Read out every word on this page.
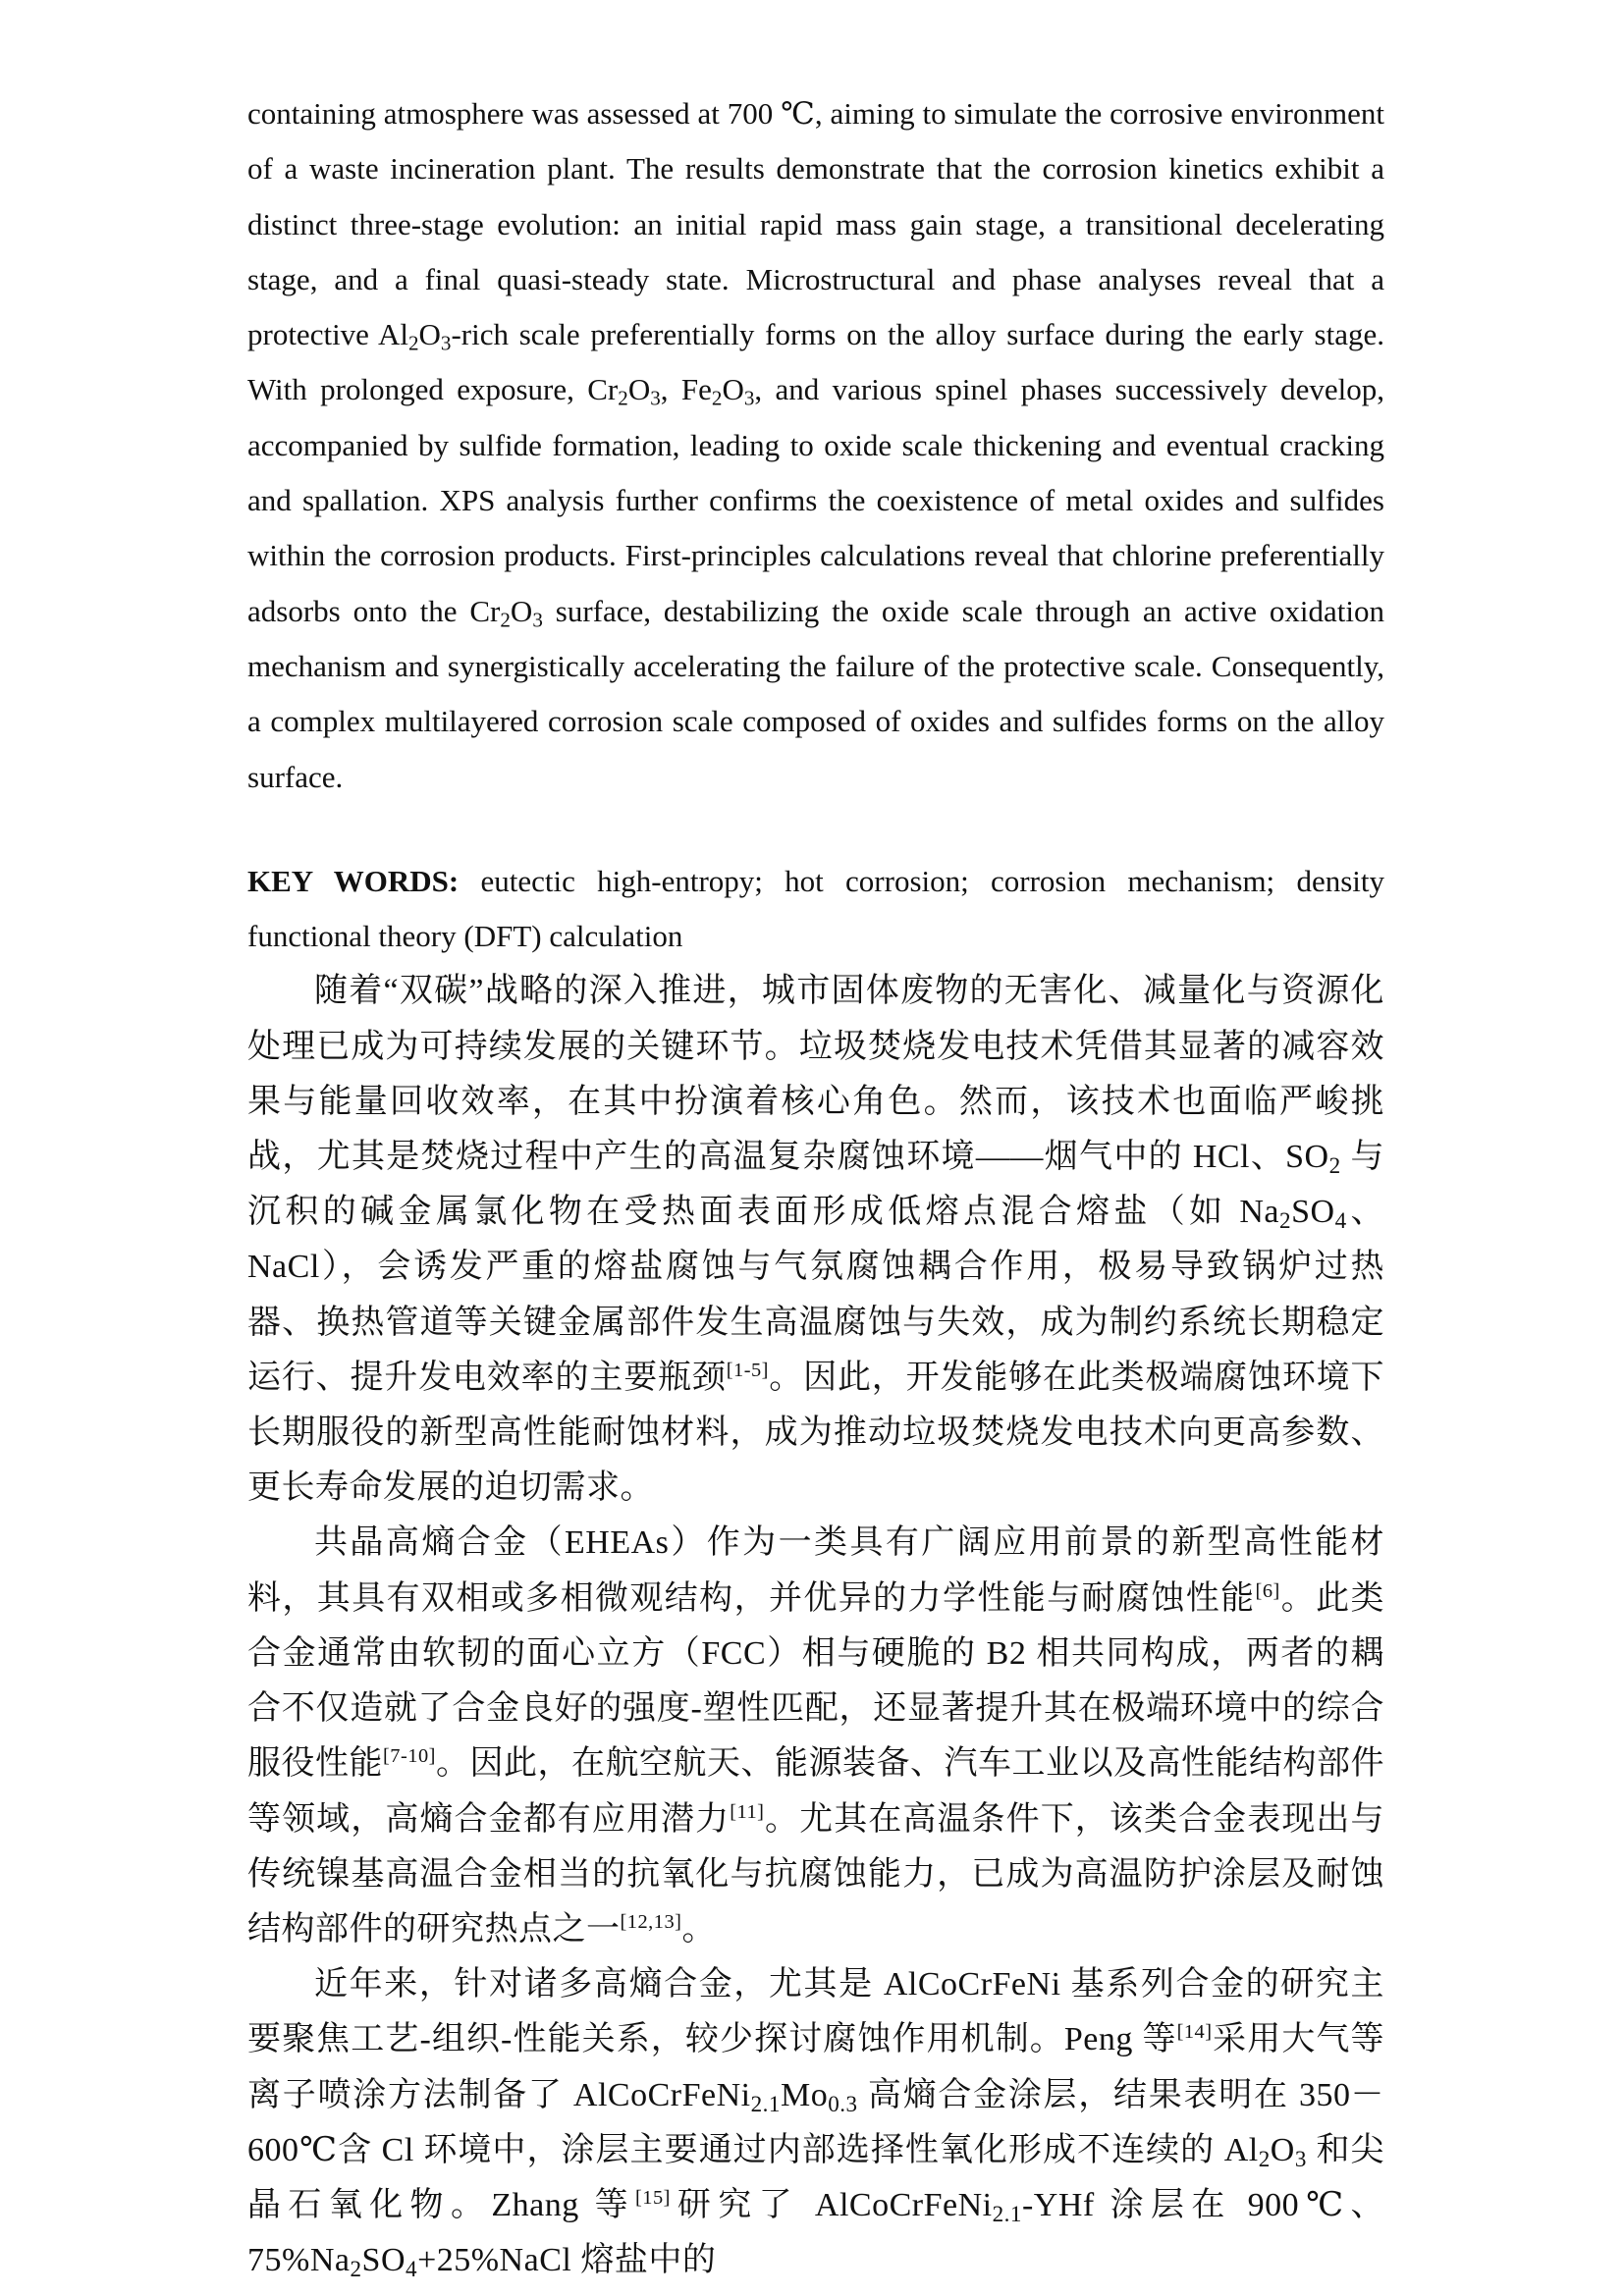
containing atmosphere was assessed at 700 ℃, aiming to simulate the corrosive environment of a waste incineration plant. The results demonstrate that the corrosion kinetics exhibit a distinct three-stage evolution: an initial rapid mass gain stage, a transitional decelerating stage, and a final quasi-steady state. Microstructural and phase analyses reveal that a protective $Al_2O_3$-rich scale preferentially forms on the alloy surface during the early stage. With prolonged exposure, $Cr_2O_3$, $Fe_2O_3$, and various spinel phases successively develop, accompanied by sulfide formation, leading to oxide scale thickening and eventual cracking and spallation. XPS analysis further confirms the coexistence of metal oxides and sulfides within the corrosion products. First-principles calculations reveal that chlorine preferentially adsorbs onto the $Cr_2O_3$ surface, destabilizing the oxide scale through an active oxidation mechanism and synergistically accelerating the failure of the protective scale. Consequently, a complex multilayered corrosion scale composed of oxides and sulfides forms on the alloy surface.

KEY WORDS: eutectic high-entropy; hot corrosion; corrosion mechanism; density functional theory (DFT) calculation

随着“双碳”战略的深入推进，城市固体废物的无害化、减量化与资源化处理已成为可持续发展的关键环节。垃圾焚烧发电技术凭借其显著的减容效果与能量回收效率，在其中扮演着核心角色。然而，该技术也面临严峻挑战，尤其是焚烧过程中产生的高温复杂腐蚀环境——烟气中的 HCl、$SO_2$ 与沉积的碱金属氯化物在受热面表面形成低熔点混合熔盐（如 $Na_2SO_4$、NaCl），会诱发严重的熔盐腐蚀与气氛腐蚀耦合作用，极易导致锅炉过热器、换热管道等关键金属部件发生高温腐蚀与失效，成为制约系统长期稳定运行、提升发电效率的主要瓶颈[1-5]。因此，开发能够在此类极端腐蚀环境下长期服役的新型高性能耐蚀材料，成为推动垃圾焚烧发电技术向更高参数、更长寿命发展的迫切需求。

共晶高熵合金（EHEAs）作为一类具有广阔应用前景的新型高性能材料，其具有双相或多相微观结构，并优异的力学性能与耐腐蚀性能[6]。此类合金通常由软韧的面心立方（FCC）相与硬脆的 B2 相共同构成，两者的耦合不仅造就了合金良好的强度-塑性匹配，还显著提升其在极端环境中的综合服役性能[7-10]。因此，在航空航天、能源装备、汽车工业以及高性能结构部件等领域，高熵合金都有应用潜力[11]。尤其在高温条件下，该类合金表现出与传统镍基高温合金相当的抗氧化与抗腐蚀能力，已成为高温防护涂层及耐蚀结构部件的研究热点之一[12,13]。

近年来，针对诸多高熵合金，尤其是 AlCoCrFeNi 基系列合金的研究主要聚焦工艺-组织-性能关系，较少探讨腐蚀作用机制。Peng 等[14]采用大气等离子喷涂方法制备了 $AlCoCrFeNi_{2.1}Mo_{0.3}$ 高熵合金涂层，结果表明在 350－600℃含 Cl 环境中，涂层主要通过内部选择性氧化形成不连续的 $Al_2O_3$ 和尖晶石氧化物。Zhang 等[15]研究了 AlCoCrFeNi$_{2.1}$-YHf 涂层在 900℃、$75\%Na_2SO_4+25\%NaCl$ 熔盐中的
